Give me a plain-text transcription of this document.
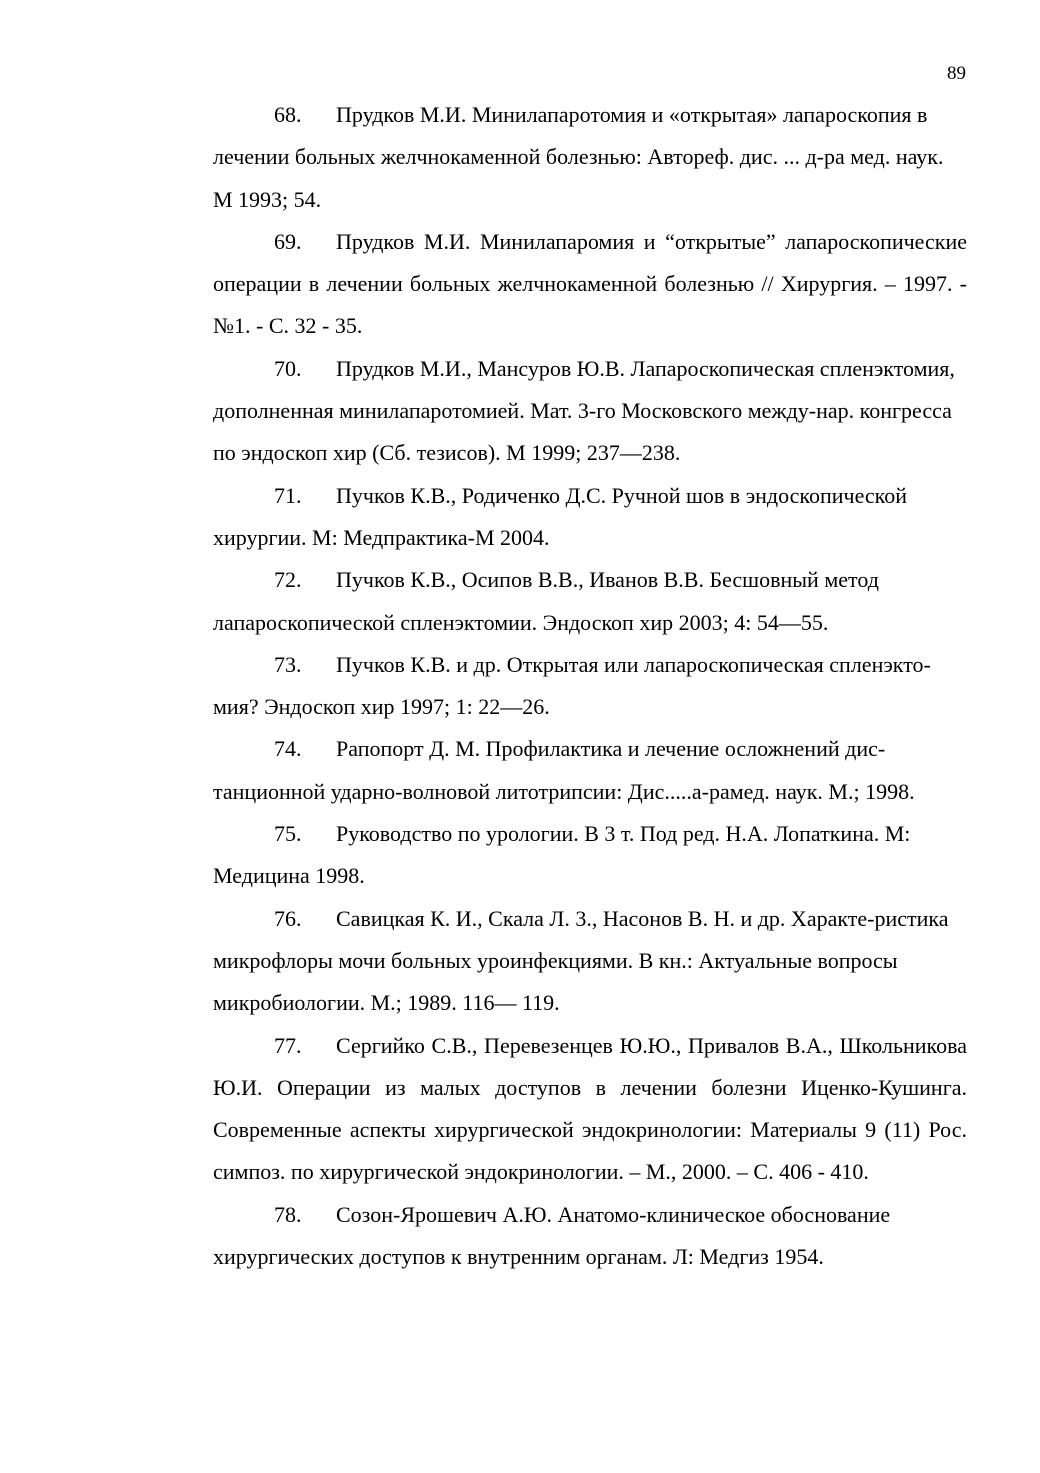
89

68. Прудков М.И. Минилапаротомия и «открытая» лапароскопия в лечении больных желчнокаменной болезнью: Автореф. дис. ... д-ра мед. наук. М 1993; 54.

69. Прудков М.И. Минилапаромия и “открытые” лапароскопические операции в лечении больных желчнокаменной болезнью // Хирургия. – 1997. - №1. - С. 32 - 35.

70. Прудков М.И., Мансуров Ю.В. Лапароскопическая спленэктомия, дополненная минилапаротомией. Мат. 3-го Московского между-нар. конгресса по эндоскоп хир (Сб. тезисов). М 1999; 237—238.

71. Пучков К.В., Родиченко Д.С. Ручной шов в эндоскопической хирургии. М: Медпрактика-М 2004.

72. Пучков К.В., Осипов В.В., Иванов В.В. Бесшовный метод лапароскопической спленэктомии. Эндоскоп хир 2003; 4: 54—55.

73. Пучков К.В. и др. Открытая или лапароскопическая спленэкто-мия? Эндоскоп хир 1997; 1: 22—26.

74. Рапопорт Д. М. Профилактика и лечение осложнений дис-танционной ударно-волновой литотрипсии: Дис.....а-рамед. наук. М.; 1998.

75. Руководство по урологии. В 3 т. Под ред. Н.А. Лопаткина. М: Медицина 1998.

76. Савицкая К. И., Скала Л. 3., Насонов В. Н. и др. Характе-ристика микрофлоры мочи больных уроинфекциями. В кн.: Актуальные вопросы микробиологии. М.; 1989. 116— 119.

77. Сергийко С.В., Перевезенцев Ю.Ю., Привалов В.А., Школьникова Ю.И. Операции из малых доступов в лечении болезни Иценко-Кушинга. Современные аспекты хирургической эндокринологии: Материалы 9 (11) Рос. симпоз. по хирургической эндокринологии. – М., 2000. – С. 406 - 410.

78. Созон-Ярошевич А.Ю. Анатомо-клиническое обоснование хирургических доступов к внутренним органам. Л: Медгиз 1954.
